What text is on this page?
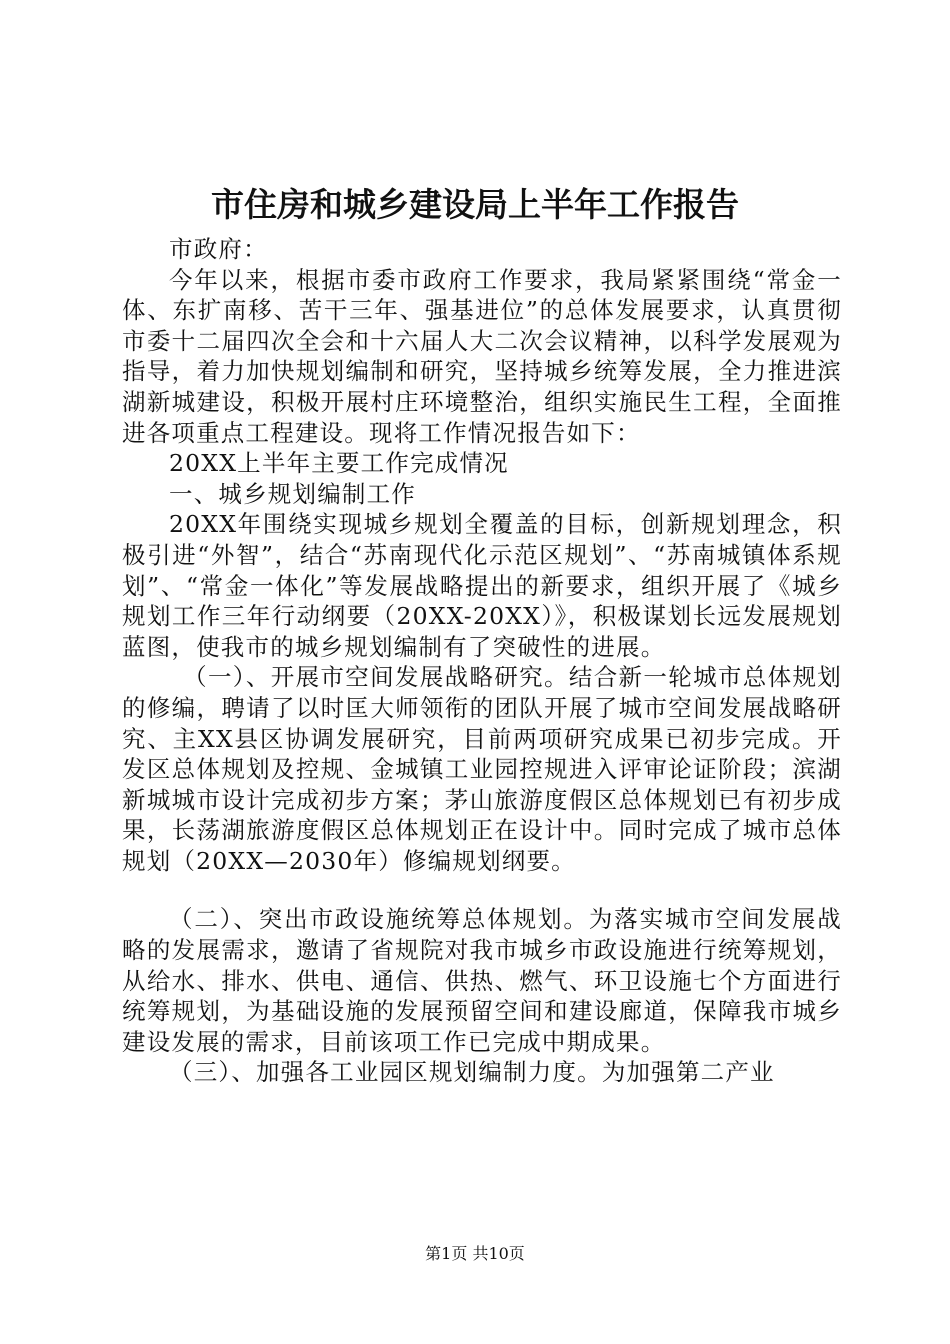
市住房和城乡建设局上半年工作报告

市政府：

今年以来，根据市委市政府工作要求，我局紧紧围绕“常金一体、东扩南移、苦干三年、强基进位”的总体发展要求，认真贯彻市委十二届四次全会和十六届人大二次会议精神，以科学发展观为指导，着力加快规划编制和研究，坚持城乡统筹发展，全力推进滨湖新城建设，积极开展村庄环境整治，组织实施民生工程，全面推进各项重点工程建设。现将工作情况报告如下：

20XX上半年主要工作完成情况

一、城乡规划编制工作

20XX年围绕实现城乡规划全覆盖的目标，创新规划理念，积极引进“外智”，结合“苏南现代化示范区规划”、“苏南城镇体系规划”、“常金一体化”等发展战略提出的新要求，组织开展了《城乡规划工作三年行动纲要（20XX-20XX）》，积极谋划长远发展规划蓝图，使我市的城乡规划编制有了突破性的进展。

（一）、开展市空间发展战略研究。结合新一轮城市总体规划的修编，聘请了以时匡大师领衔的团队开展了城市空间发展战略研究、主XX县区协调发展研究，目前两项研究成果已初步完成。开发区总体规划及控规、金城镇工业园控规进入评审论证阶段；滨湖新城城市设计完成初步方案；茅山旅游度假区总体规划已有初步成果，长荡湖旅游度假区总体规划正在设计中。同时完成了城市总体规划（20XX—2030年）修编规划纲要。

（二）、突出市政设施统筹总体规划。为落实城市空间发展战略的发展需求，邀请了省规院对我市城乡市政设施进行统筹规划，从给水、排水、供电、通信、供热、燃气、环卫设施七个方面进行统筹规划，为基础设施的发展预留空间和建设廊道，保障我市城乡建设发展的需求，目前该项工作已完成中期成果。

（三）、加强各工业园区规划编制力度。为加强第二产业

第1页 共10页
